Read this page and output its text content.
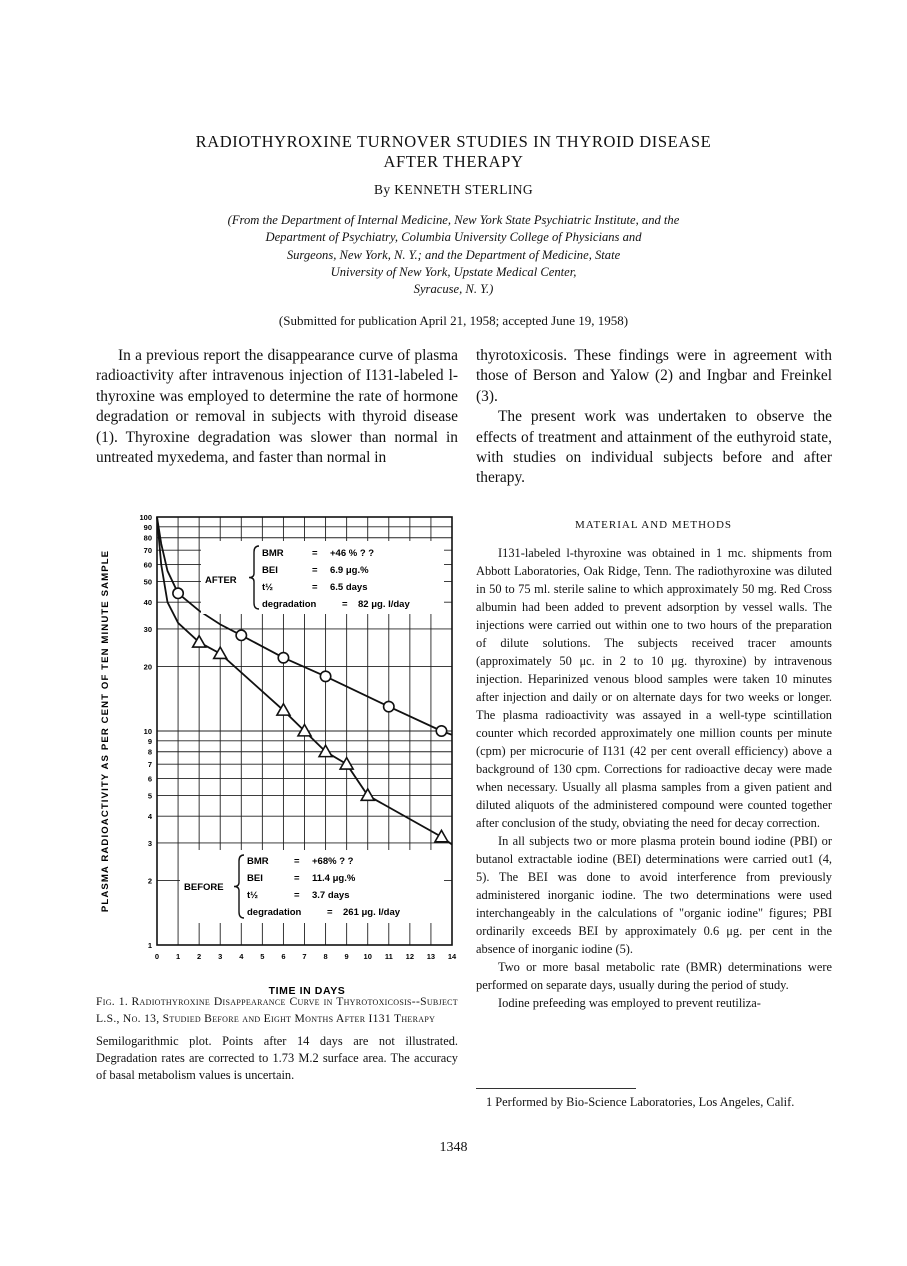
RADIOTHYROXINE TURNOVER STUDIES IN THYROID DISEASE
AFTER THERAPY
By KENNETH STERLING
(From the Department of Internal Medicine, New York State Psychiatric Institute, and the
Department of Psychiatry, Columbia University College of Physicians and
Surgeons, New York, N. Y.; and the Department of Medicine, State
University of New York, Upstate Medical Center,
Syracuse, N. Y.)
(Submitted for publication April 21, 1958; accepted June 19, 1958)

In a previous report the disappearance curve of plasma radioactivity after intravenous injection of I131-labeled l-thyroxine was employed to determine the rate of hormone degradation or removal in subjects with thyroid disease (1). Thyroxine degradation was slower than normal in untreated myxedema, and faster than normal in

thyrotoxicosis. These findings were in agreement with those of Berson and Yalow (2) and Ingbar and Freinkel (3).

The present work was undertaken to observe the effects of treatment and attainment of the euthyroid state, with studies on individual subjects before and after therapy.

0 1 2 3 4 5 6 7 8 9 10 11 12 13 14
1
2
3
4
5
6
7
8
9
10
20
30
40
50
60
70
80
90
100
AFTER
BMR	= +46 % ? ?
BEI	= 6.9 μg.%
t½	= 6.5 days
degradation	= 82 μg. I/day
BEFORE
BMR	= +68% ? ?
BEI	= 11.4 μg.%
t½	= 3.7 days
degradation	= 261 μg. I/day
TIME IN DAYS
PLASMA RADIOACTIVITY AS PER CENT OF TEN MINUTE SAMPLE

Fig. 1. Radiothyroxine Disappearance Curve in Thyrotoxicosis--Subject L.S., No. 13, Studied Before and Eight Months After I131 Therapy

Semilogarithmic plot. Points after 14 days are not illustrated. Degradation rates are corrected to 1.73 M.2 surface area. The accuracy of basal metabolism values is uncertain.

MATERIAL AND METHODS

I131-labeled l-thyroxine was obtained in 1 mc. shipments from Abbott Laboratories, Oak Ridge, Tenn. The radiothyroxine was diluted in 50 to 75 ml. sterile saline to which approximately 50 mg. Red Cross albumin had been added to prevent adsorption by vessel walls. The injections were carried out within one to two hours of the preparation of dilute solutions. The subjects received tracer amounts (approximately 50 μc. in 2 to 10 μg. thyroxine) by intravenous injection. Heparinized venous blood samples were taken 10 minutes after injection and daily or on alternate days for two weeks or longer. The plasma radioactivity was assayed in a well-type scintillation counter which recorded approximately one million counts per minute (cpm) per microcurie of I131 (42 per cent overall efficiency) above a background of 130 cpm. Corrections for radioactive decay were made when necessary. Usually all plasma samples from a given patient and diluted aliquots of the administered compound were counted together after conclusion of the study, obviating the need for decay correction.

In all subjects two or more plasma protein bound iodine (PBI) or butanol extractable iodine (BEI) determinations were carried out1 (4, 5). The BEI was done to avoid interference from previously administered inorganic iodine. The two determinations were used interchangeably in the calculations of "organic iodine" figures; PBI ordinarily exceeds BEI by approximately 0.6 μg. per cent in the absence of inorganic iodine (5).

Two or more basal metabolic rate (BMR) determinations were performed on separate days, usually during the period of study.

Iodine prefeeding was employed to prevent reutiliza-

1 Performed by Bio-Science Laboratories, Los Angeles, Calif.

1348
